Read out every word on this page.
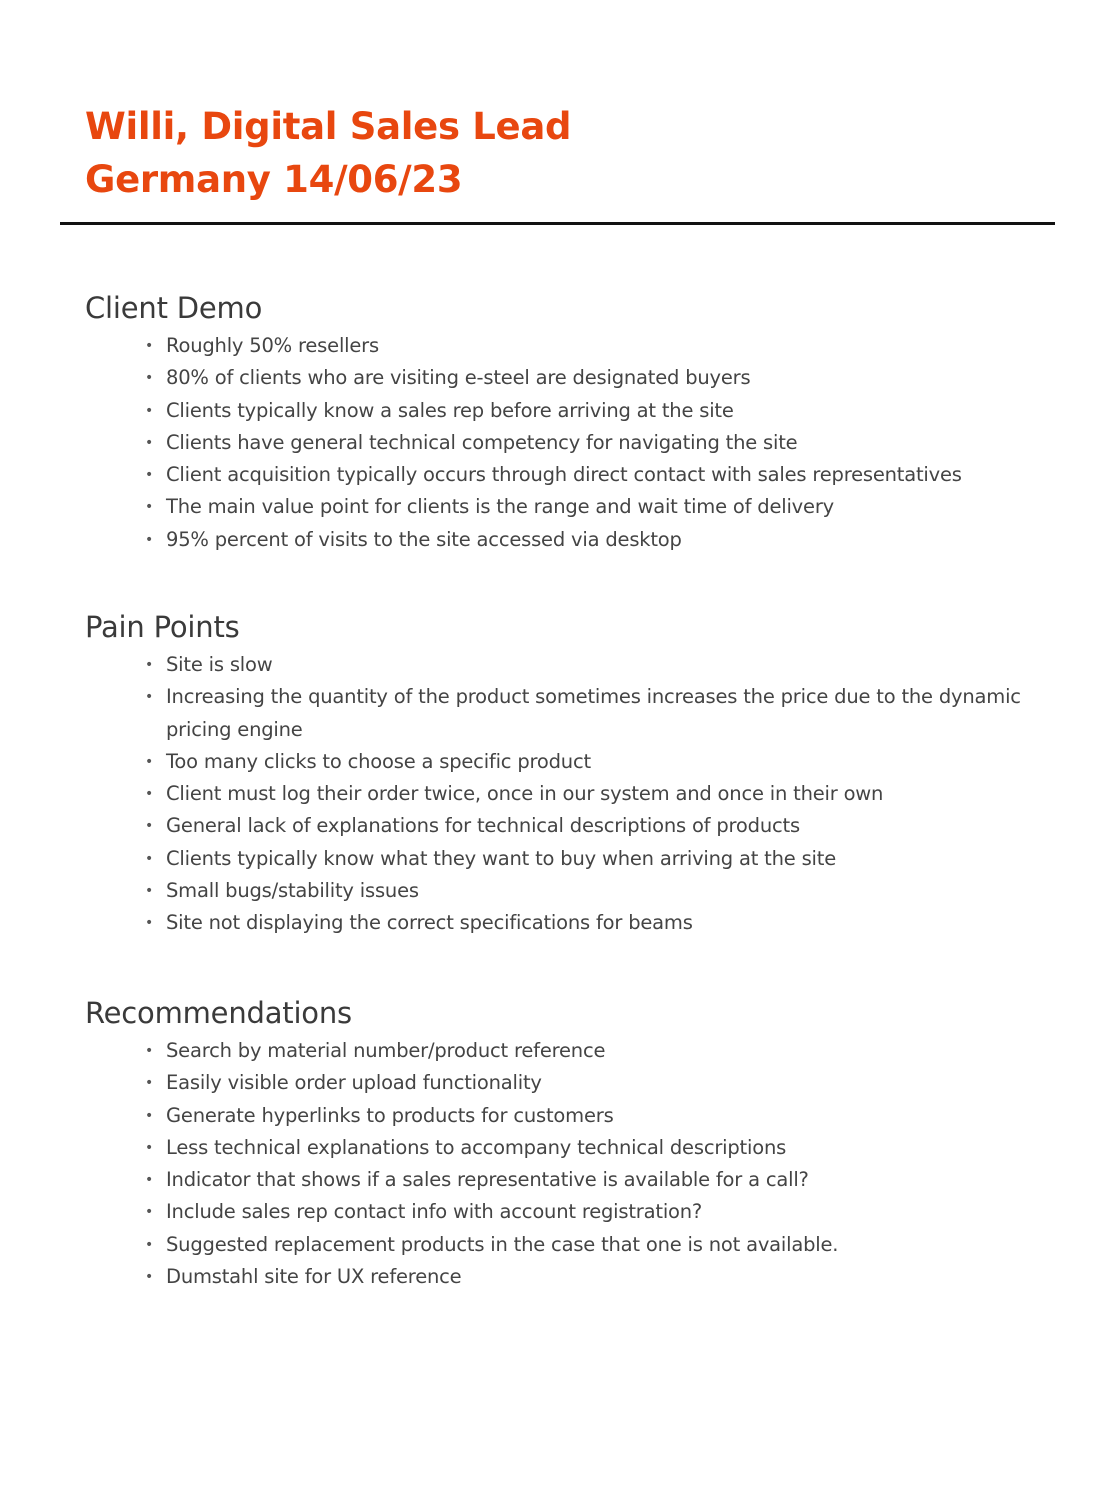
Willi, Digital Sales Lead
Germany 14/06/23
Client Demo
• Roughly 50% resellers
• 80% of clients who are visiting e-steel are designated buyers
• Clients typically know a sales rep before arriving at the site
• Clients have general technical competency for navigating the site
• Client acquisition typically occurs through direct contact with sales representatives
• The main value point for clients is the range and wait time of delivery
• 95% percent of visits to the site accessed via desktop
Pain Points
• Site is slow
• Increasing the quantity of the product sometimes increases the price due to the dynamic pricing engine
• Too many clicks to choose a specific product
• Client must log their order twice, once in our system and once in their own
• General lack of explanations for technical descriptions of products
• Clients typically know what they want to buy when arriving at the site
• Small bugs/stability issues
• Site not displaying the correct specifications for beams
Recommendations
• Search by material number/product reference
• Easily visible order upload functionality
• Generate hyperlinks to products for customers
• Less technical explanations to accompany technical descriptions
• Indicator that shows if a sales representative is available for a call?
• Include sales rep contact info with account registration?
• Suggested replacement products in the case that one is not available.
• Dumstahl site for UX reference
